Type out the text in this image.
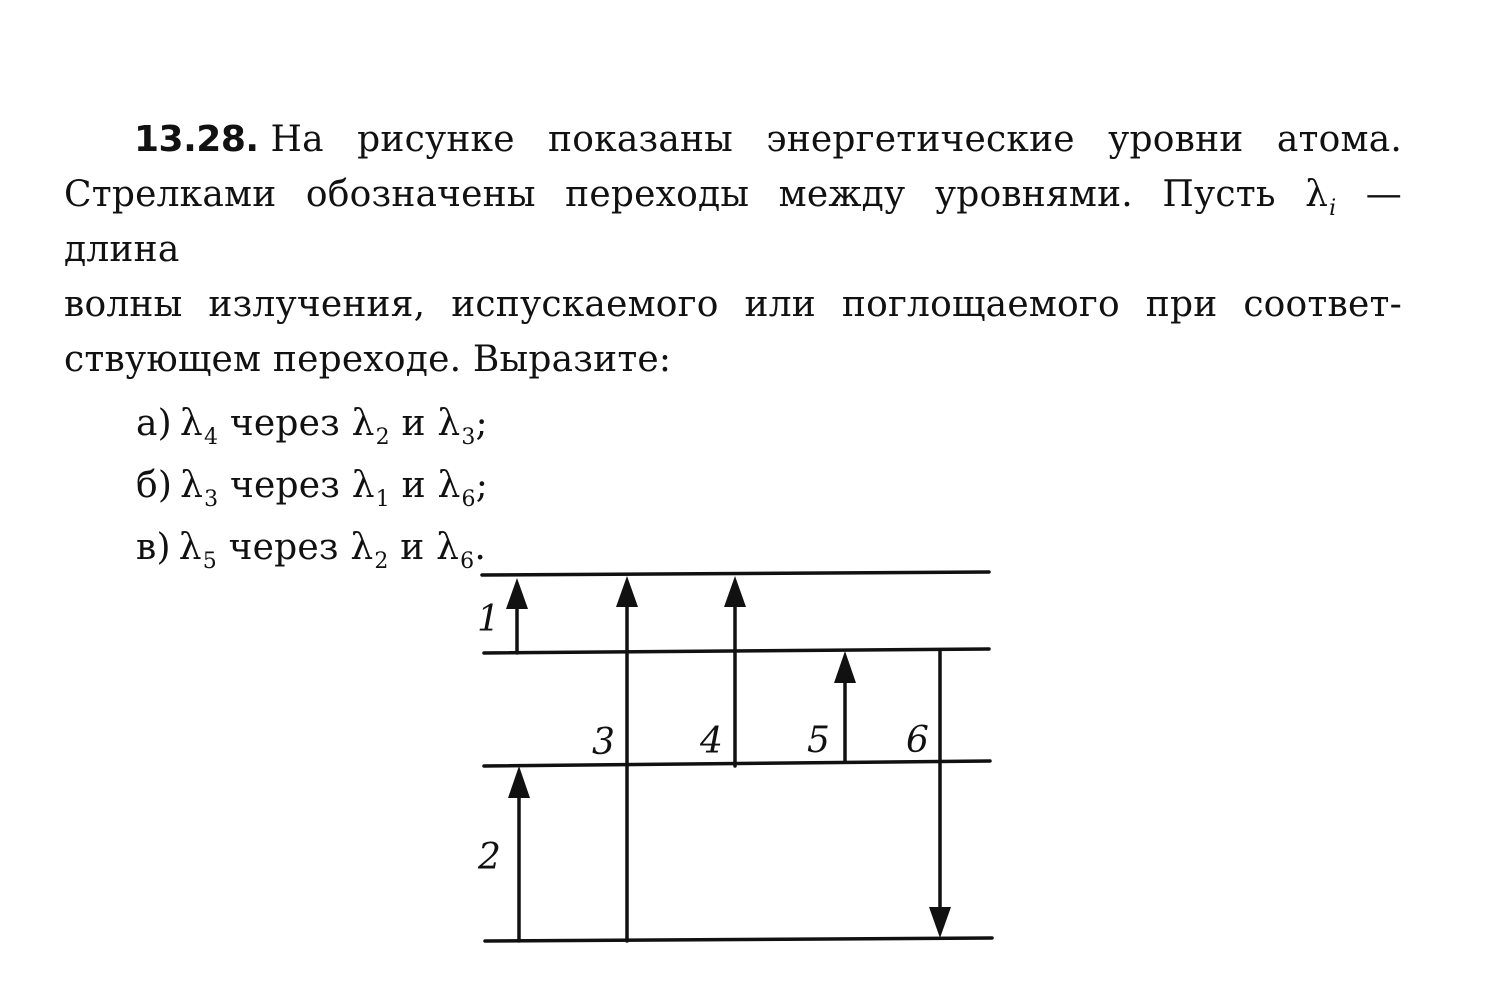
13.28. На рисунке показаны энергетические уровни атома.
Стрелками обозначены переходы между уровнями. Пусть $\lambda_i$ — длина
волны излучения, испускаемого или поглощаемого при соответ-
ствующем переходе. Выразите:

а) $\lambda_4$ через $\lambda_2$ и $\lambda_3$;
б) $\lambda_3$ через $\lambda_1$ и $\lambda_6$;
в) $\lambda_5$ через $\lambda_2$ и $\lambda_6$.
1
2
3 4 5 6
